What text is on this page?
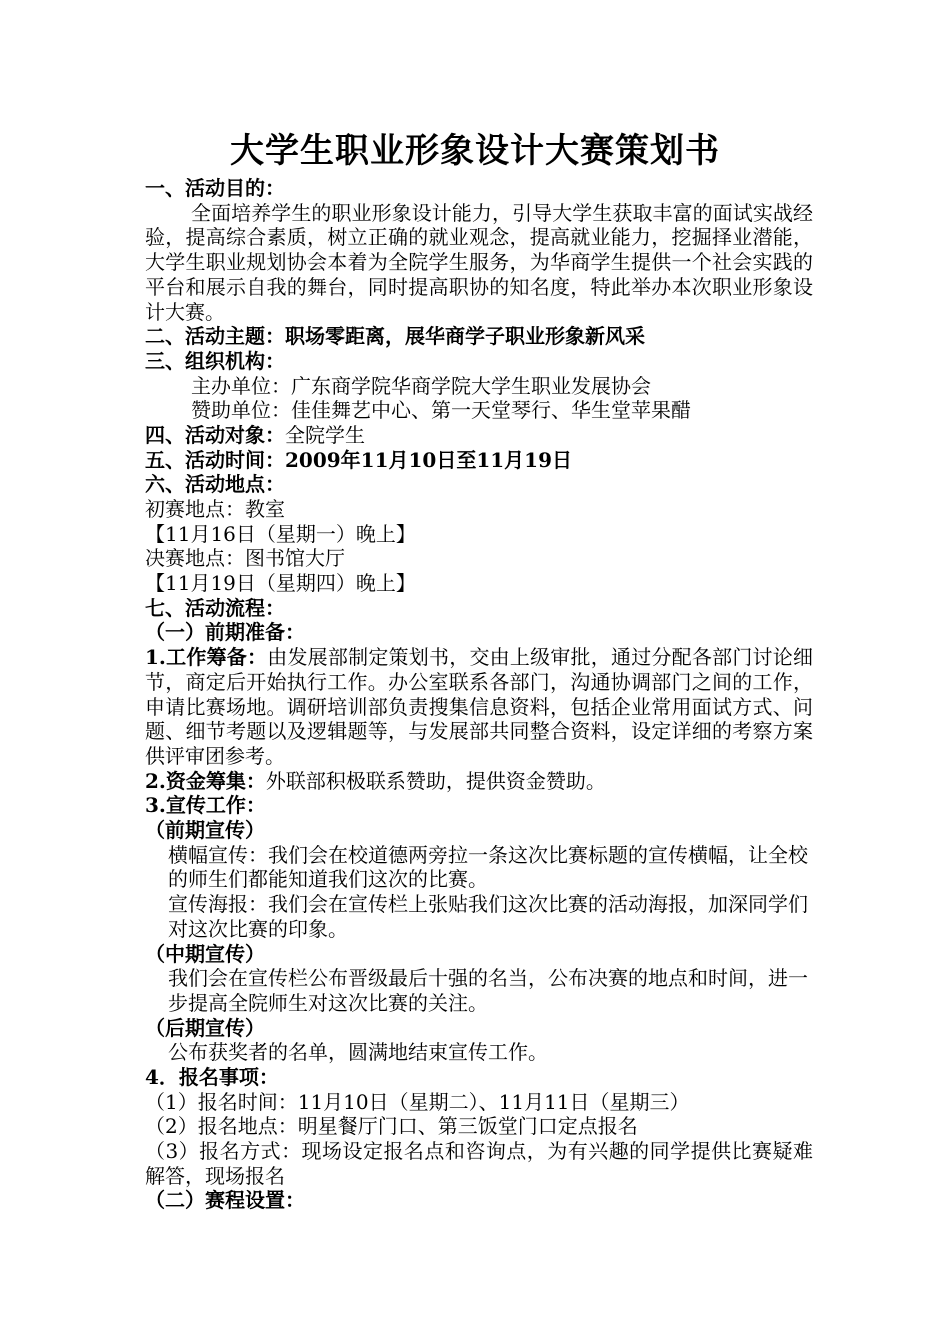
大学生职业形象设计大赛策划书
一、活动目的：
全面培养学生的职业形象设计能力，引导大学生获取丰富的面试实战经验，提高综合素质，树立正确的就业观念，提高就业能力，挖掘择业潜能，大学生职业规划协会本着为全院学生服务，为华商学生提供一个社会实践的平台和展示自我的舞台，同时提高职协的知名度，特此举办本次职业形象设计大赛。
二、活动主题：职场零距离，展华商学子职业形象新风采
三、组织机构：
主办单位：广东商学院华商学院大学生职业发展协会
赞助单位：佳佳舞艺中心、第一天堂琴行、华生堂苹果醋
四、活动对象：全院学生
五、活动时间：2009年11月10日至11月19日
六、活动地点：
初赛地点：教室
【11月16日（星期一）晚上】
决赛地点：图书馆大厅
【11月19日（星期四）晚上】
七、活动流程：
（一）前期准备：
1.工作筹备：由发展部制定策划书，交由上级审批，通过分配各部门讨论细节，商定后开始执行工作。办公室联系各部门，沟通协调部门之间的工作，申请比赛场地。调研培训部负责搜集信息资料，包括企业常用面试方式、问题、细节考题以及逻辑题等，与发展部共同整合资料，设定详细的考察方案供评审团参考。
2.资金筹集：外联部积极联系赞助，提供资金赞助。
3.宣传工作：
（前期宣传）
横幅宣传：我们会在校道德两旁拉一条这次比赛标题的宣传横幅，让全校的师生们都能知道我们这次的比赛。
宣传海报：我们会在宣传栏上张贴我们这次比赛的活动海报，加深同学们对这次比赛的印象。
（中期宣传）
我们会在宣传栏公布晋级最后十强的名当，公布决赛的地点和时间，进一步提高全院师生对这次比赛的关注。
（后期宣传）
公布获奖者的名单，圆满地结束宣传工作。
4．报名事项：
（1）报名时间：11月10日（星期二）、11月11日（星期三）
（2）报名地点：明星餐厅门口、第三饭堂门口定点报名
（3）报名方式：现场设定报名点和咨询点，为有兴趣的同学提供比赛疑难解答，现场报名
（二）赛程设置：
